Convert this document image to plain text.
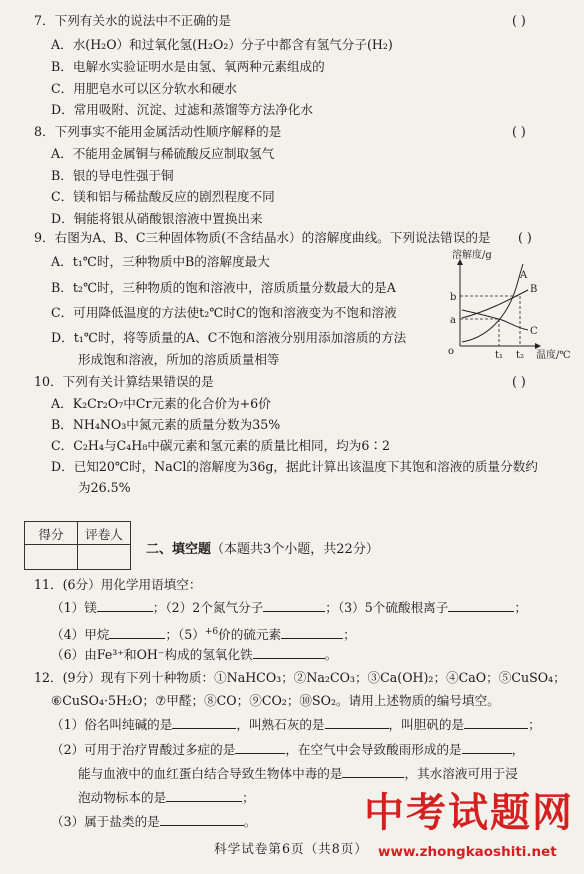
7．下列有关水的说法中不正确的是	( )
A．水(H₂O）和过氧化氢(H₂O₂）分子中都含有氢气分子(H₂)
B．电解水实验证明水是由氢、氧两种元素组成的
C．用肥皂水可以区分软水和硬水
D．常用吸附、沉淀、过滤和蒸馏等方法净化水
8．下列事实不能用金属活动性顺序解释的是	( )
A．不能用金属铜与稀硫酸反应制取氢气
B．银的导电性强于铜
C．镁和铝与稀盐酸反应的剧烈程度不同
D．铜能将银从硝酸银溶液中置换出来
9．右图为A、B、C三种固体物质(不含结晶水）的溶解度曲线。下列说法错误的是 ( )
A．t₁℃时，三种物质中B的溶解度最大
B．t₂℃时，三种物质的饱和溶液中，溶质质量分数最大的是A
C．可用降低温度的方法使t₂℃时C的饱和溶液变为不饱和溶液
D．t₁℃时，将等质量的A、C不饱和溶液分别用添加溶质的方法
形成饱和溶液，所加的溶质质量相等
溶解度/g
o
b
a
t₁ t₂ 温度/℃
A
B
C
10．下列有关计算结果错误的是	( )
A．K₂Cr₂O₇中Cr元素的化合价为+6价
B．NH₄NO₃中氮元素的质量分数为35%
C．C₂H₄与C₄H₈中碳元素和氢元素的质量比相同，均为6∶2
D．已知20℃时，NaCl的溶解度为36g，据此计算出该温度下其饱和溶液的质量分数约
为26.5%
得分	评卷人

二、填空题（本题共3个小题，共22分）
11．(6分）用化学用语填空：
（1）镁	；（2）2个氮气分子	；（3）5个硫酸根离子	；
（4）甲烷	；$(5)^{+6}$价的硫元素	；
（6）由Fe³⁺和OH⁻构成的氢氧化铁	。
12．(9分）现有下列十种物质：①NaHCO₃；②Na₂CO₃；③Ca(OH)₂；④CaO；⑤CuSO₄；
⑥CuSO₄·5H₂O；⑦甲醛；⑧CO；⑨CO₂；⑩SO₂。请用上述物质的编号填空。
（1）俗名叫纯碱的是	，叫熟石灰的是	，叫胆矾的是	；
（2）可用于治疗胃酸过多症的是	，在空气中会导致酸雨形成的是	，
能与血液中的血红蛋白结合导致生物体中毒的是	，其水溶液可用于浸
泡动物标本的是	；
（3）属于盐类的是	。
科学试卷第6页（共8页）
中考试题网
www.zhongkaoshiti.net
